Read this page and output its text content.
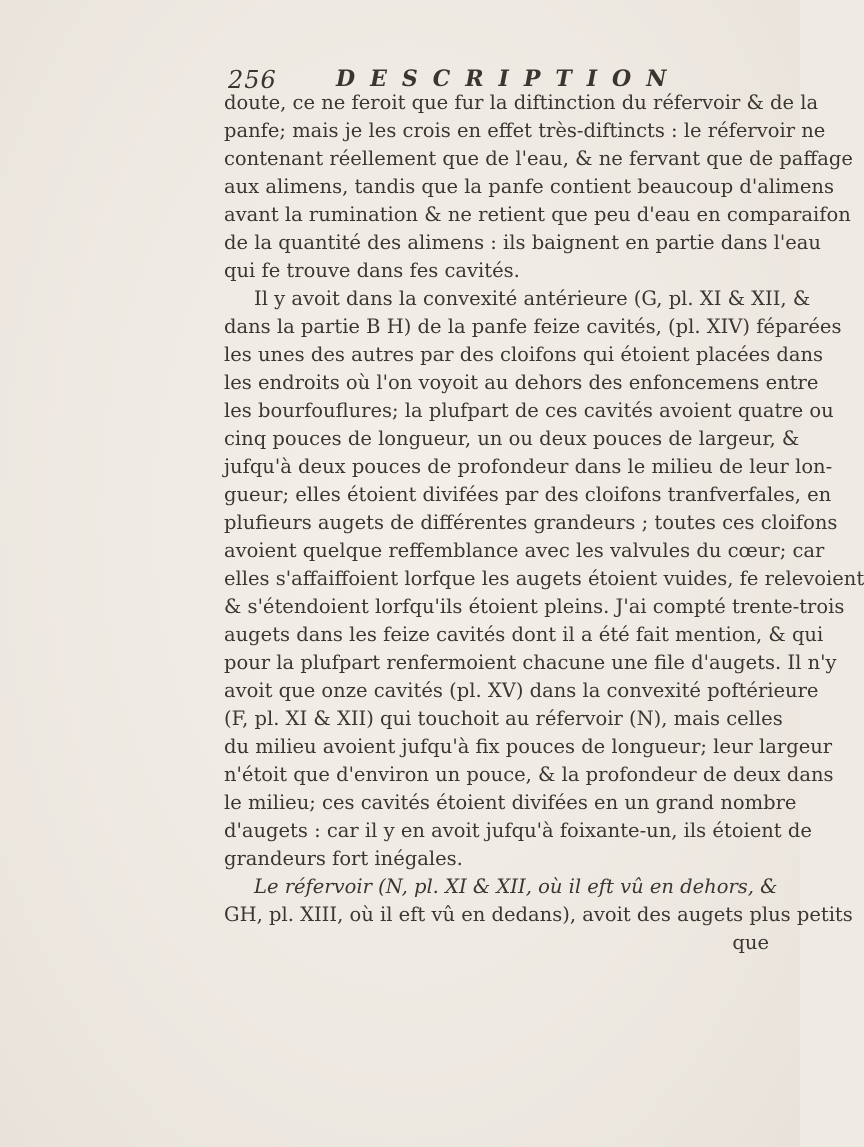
256	DESCRIPTION
doute, ce ne feroit que fur la diftinction du réfervoir & de la
panfe; mais je les crois en effet très-diftincts : le réfervoir ne
contenant réellement que de l'eau, & ne fervant que de paffage
aux alimens, tandis que la panfe contient beaucoup d'alimens
avant la rumination & ne retient que peu d'eau en comparaifon
de la quantité des alimens : ils baignent en partie dans l'eau
qui fe trouve dans fes cavités.
Il y avoit dans la convexité antérieure (G, pl. XI & XII, &
dans la partie B H) de la panfe feize cavités, (pl. XIV) féparées
les unes des autres par des cloifons qui étoient placées dans
les endroits où l'on voyoit au dehors des enfoncemens entre
les bourfouflures; la plufpart de ces cavités avoient quatre ou
cinq pouces de longueur, un ou deux pouces de largeur, &
jufqu'à deux pouces de profondeur dans le milieu de leur lon-
gueur; elles étoient divifées par des cloifons tranfverfales, en
plufieurs augets de différentes grandeurs ; toutes ces cloifons
avoient quelque reffemblance avec les valvules du cœur; car
elles s'affaiffoient lorfque les augets étoient vuides, fe relevoient
& s'étendoient lorfqu'ils étoient pleins. J'ai compté trente-trois
augets dans les feize cavités dont il a été fait mention, & qui
pour la plufpart renfermoient chacune une file d'augets. Il n'y
avoit que onze cavités (pl. XV) dans la convexité poftérieure
(F, pl. XI & XII) qui touchoit au réfervoir (N), mais celles
du milieu avoient jufqu'à fix pouces de longueur; leur largeur
n'étoit que d'environ un pouce, & la profondeur de deux dans
le milieu; ces cavités étoient divifées en un grand nombre
d'augets : car il y en avoit jufqu'à foixante-un, ils étoient de
grandeurs fort inégales.
Le réfervoir (N, pl. XI & XII, où il eft vû en dehors, &
GH, pl. XIII, où il eft vû en dedans), avoit des augets plus petits
que
